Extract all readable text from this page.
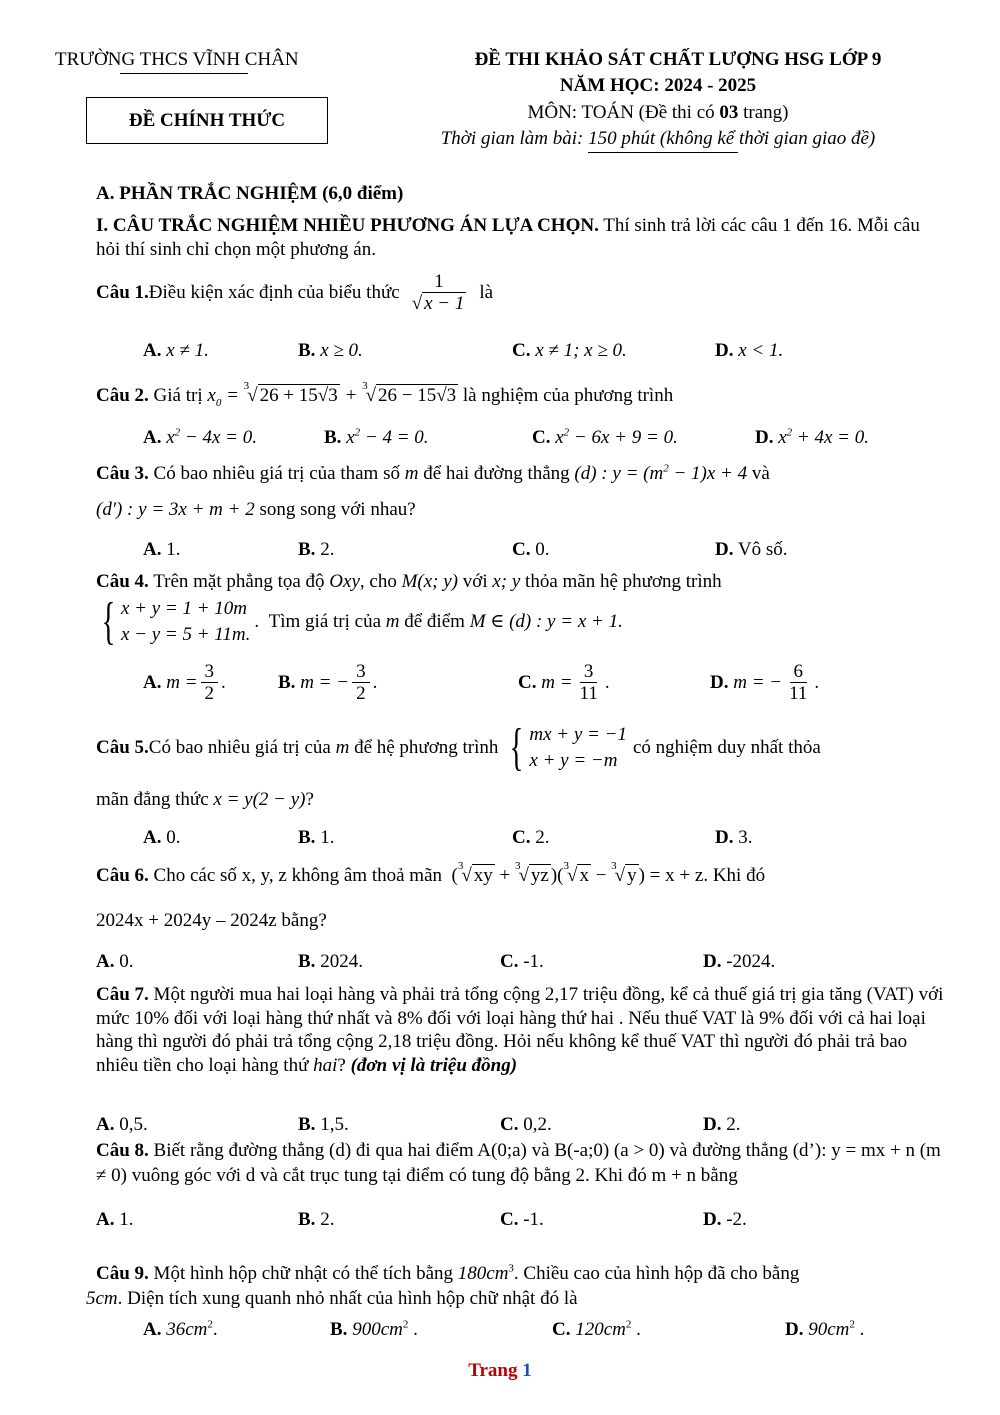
TRƯỜNG THCS VĨNH CHÂN
ĐỀ CHÍNH THỨC
ĐỀ THI KHẢO SÁT CHẤT LƯỢNG HSG LỚP 9
NĂM HỌC: 2024 - 2025
MÔN: TOÁN (Đề thi có 03 trang)
Thời gian làm bài: 150 phút (không kể thời gian giao đề)
A. PHẦN TRẮC NGHIỆM (6,0 điểm)
I. CÂU TRẮC NGHIỆM NHIỀU PHƯƠNG ÁN LỰA CHỌN. Thí sinh trả lời các câu 1 đến 16. Mỗi câu hỏi thí sinh chỉ chọn một phương án.
Câu 1. Điều kiện xác định của biểu thức $\frac{1}{√ x - 1}$ là
A. x ≠ 1.	B. x ≥ 0.	C. x ≠ 1; x ≥ 0.	D. x < 1.
Câu 2. Giá trị $x_0 = ^3√$ 26 + 15√3 + $^3$√ 26 − 15√3 là nghiệm của phương trình
A. $x^2 - 4x = 0$.	B. $x^2 - 4 = 0$.	C. $x^2 - 6x + 9 = 0$.	D. $x^2 + 4x = 0$.
Câu 3. Có bao nhiêu giá trị của tham số m để hai đường thẳng (d) : $y = (m^2 - 1)x + 4$ và
(d′) : y = 3x + m + 2 song song với nhau?
A. 1.	B. 2.	C. 0.	D. Vô số.
Câu 4. Trên mặt phẳng tọa độ Oxy, cho M(x; y) với x; y thỏa mãn hệ phương trình
{ x + y = 1 + 10m
x − y = 5 + 11m.
. Tìm giá trị của
m
để điểm
M ∈ (d) : y = x + 1.
A. $m = \frac{3}{2}$ .	B. m = − $\frac{3}{2}$ .	C. $m = \frac{3}{11}$ .	D. m = − $\frac{6}{11}$ .
Câu 5. Có bao nhiêu giá trị của
m
để hệ phương trình { mx + y = −1
x + y = −m
có nghiệm duy nhất thỏa
mãn đẳng thức x = y(2 − y)?
A. 0.	B. 1.	C. 2.	D. 3.
Câu 6. Cho các số x, y, z không âm thoả mãn  ($^3$√ xy + $^3$√ yz )($^3$√ x − $^3$√ y ) = x + z. Khi đó
2024x + 2024y – 2024z bằng?
A. 0.	B. 2024.	C. -1.	D. -2024.
Câu 7. Một người mua hai loại hàng và phải trả tổng cộng 2,17 triệu đồng, kể cả thuế giá trị gia tăng (VAT) với mức 10% đối với loại hàng thứ nhất và 8% đối với loại hàng thứ hai . Nếu thuế VAT là 9% đối với cả hai loại hàng thì người đó phải trả tổng cộng 2,18 triệu đồng. Hỏi nếu không kể thuế VAT thì người đó phải trả bao nhiêu tiền cho loại hàng thứ hai? (đơn vị là triệu đồng)
A. 0,5.	B. 1,5.	C. 0,2.	D. 2.
Câu 8. Biết rằng đường thẳng (d) đi qua hai điểm A(0;a) và B(-a;0) (a > 0) và đường thẳng (d’): y = mx + n (m ≠ 0) vuông góc với d và cắt trục tung tại điểm có tung độ bằng 2. Khi đó m + n bằng
A. 1.	B. 2.	C. -1.	D. -2.
Câu 9. Một hình hộp chữ nhật có thể tích bằng $180cm^3$. Chiều cao của hình hộp đã cho bằng
5cm. Diện tích xung quanh nhỏ nhất của hình hộp chữ nhật đó là
A. $36cm^2$.	B. $900cm^2$ .	C. $120cm^2$ .	D. $90cm^2$ .
Trang 1
